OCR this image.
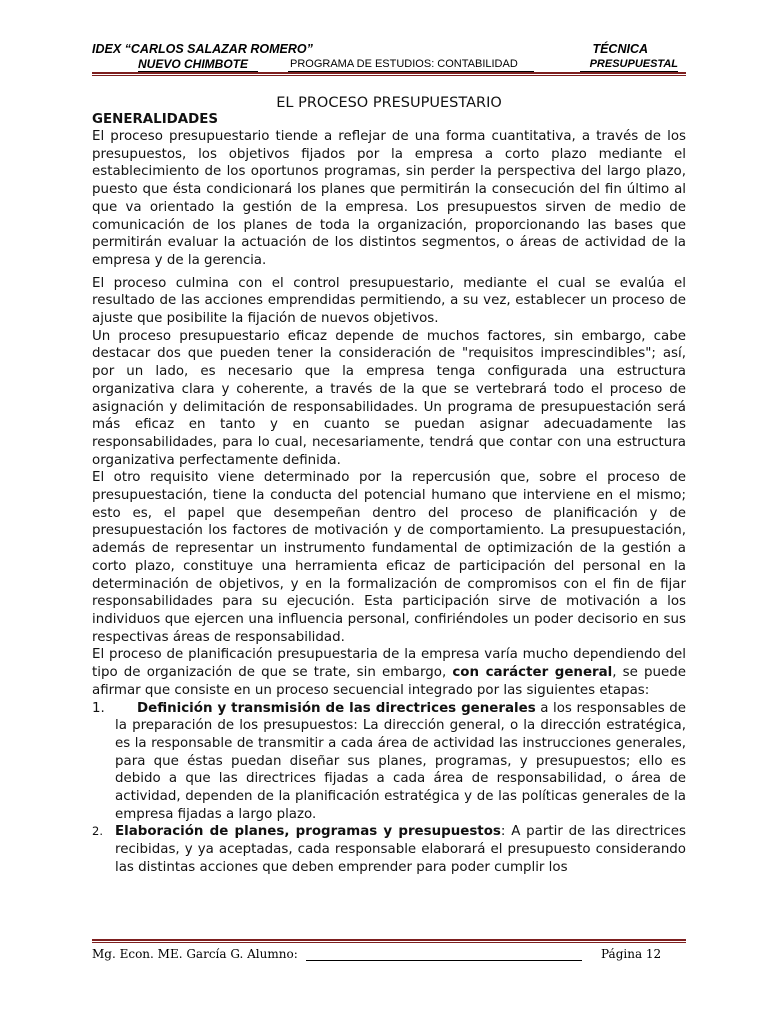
IDEX “CARLOS SALAZAR ROMERO”	TÉCNICA
NUEVO CHIMBOTE	PROGRAMA DE ESTUDIOS: CONTABILIDAD	PRESUPUESTAL

EL PROCESO PRESUPUESTARIO

GENERALIDADES

El proceso presupuestario tiende a reflejar de una forma cuantitativa, a través de los presupuestos, los objetivos fijados por la empresa a corto plazo mediante el establecimiento de los oportunos programas, sin perder la perspectiva del largo plazo, puesto que ésta condicionará los planes que permitirán la consecución del fin último al que va orientado la gestión de la empresa. Los presupuestos sirven de medio de comunicación de los planes de toda la organización, proporcionando las bases que permitirán evaluar la actuación de los distintos segmentos, o áreas de actividad de la empresa y de la gerencia.

El proceso culmina con el control presupuestario, mediante el cual se evalúa el resultado de las acciones emprendidas permitiendo, a su vez, establecer un proceso de ajuste que posibilite la fijación de nuevos objetivos.

Un proceso presupuestario eficaz depende de muchos factores, sin embargo, cabe destacar dos que pueden tener la consideración de "requisitos imprescindibles"; así, por un lado, es necesario que la empresa tenga configurada una estructura organizativa clara y coherente, a través de la que se vertebrará todo el proceso de asignación y delimitación de responsabilidades. Un programa de presupuestación será más eficaz en tanto y en cuanto se puedan asignar adecuadamente las responsabilidades, para lo cual, necesariamente, tendrá que contar con una estructura organizativa perfectamente definida.

El otro requisito viene determinado por la repercusión que, sobre el proceso de presupuestación, tiene la conducta del potencial humano que interviene en el mismo; esto es, el papel que desempeñan dentro del proceso de planificación y de presupuestación los factores de motivación y de comportamiento. La presupuestación, además de representar un instrumento fundamental de optimización de la gestión a corto plazo, constituye una herramienta eficaz de participación del personal en la determinación de objetivos, y en la formalización de compromisos con el fin de fijar responsabilidades para su ejecución. Esta participación sirve de motivación a los individuos que ejercen una influencia personal, confiriéndoles un poder decisorio en sus respectivas áreas de responsabilidad.

El proceso de planificación presupuestaria de la empresa varía mucho dependiendo del tipo de organización de que se trate, sin embargo, con carácter general, se puede afirmar que consiste en un proceso secuencial integrado por las siguientes etapas:

1. Definición y transmisión de las directrices generales a los responsables de la preparación de los presupuestos: La dirección general, o la dirección estratégica, es la responsable de transmitir a cada área de actividad las instrucciones generales, para que éstas puedan diseñar sus planes, programas, y presupuestos; ello es debido a que las directrices fijadas a cada área de responsabilidad, o área de actividad, dependen de la planificación estratégica y de las políticas generales de la empresa fijadas a largo plazo.

2. Elaboración de planes, programas y presupuestos: A partir de las directrices recibidas, y ya aceptadas, cada responsable elaborará el presupuesto considerando las distintas acciones que deben emprender para poder cumplir los

Mg. Econ. ME. García G. Alumno:	Página 12
